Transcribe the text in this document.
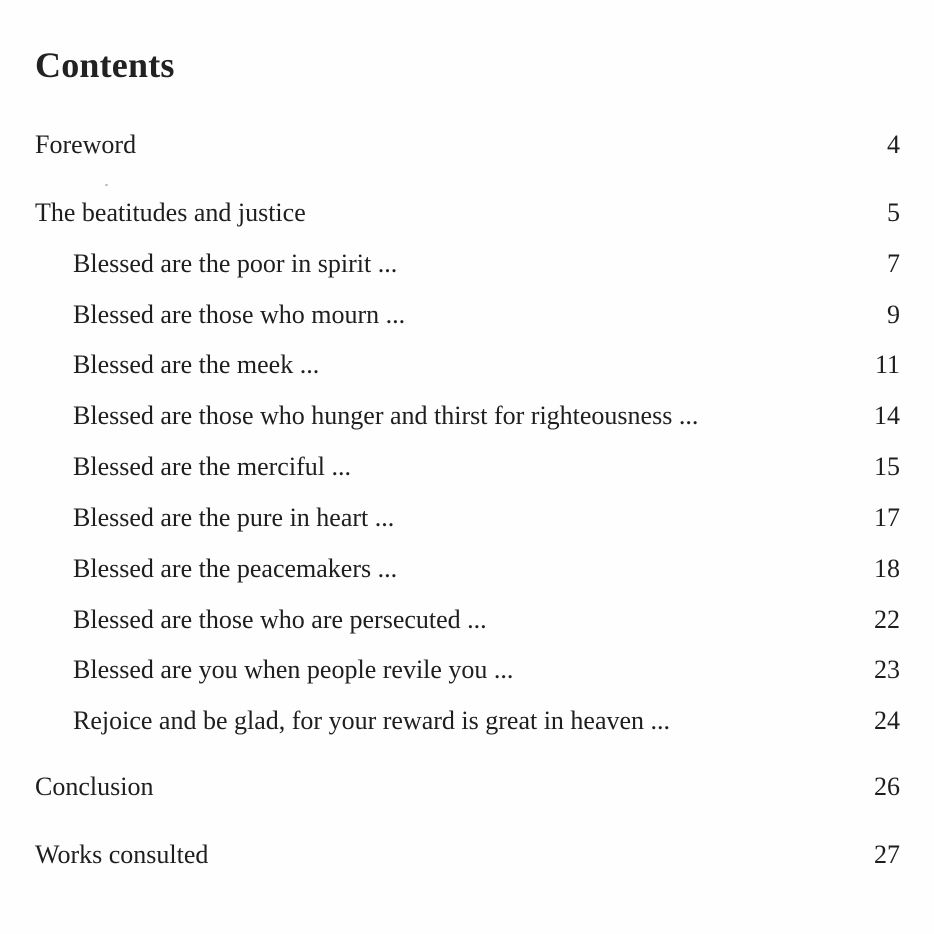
Contents
Foreword	4
The beatitudes and justice	5
Blessed are the poor in spirit ...	7
Blessed are those who mourn ...	9
Blessed are the meek ...	11
Blessed are those who hunger and thirst for righteousness ...	14
Blessed are the merciful ...	15
Blessed are the pure in heart ...	17
Blessed are the peacemakers ...	18
Blessed are those who are persecuted ...	22
Blessed are you when people revile you ...	23
Rejoice and be glad, for your reward is great in heaven ...	24
Conclusion	26
Works consulted	27
